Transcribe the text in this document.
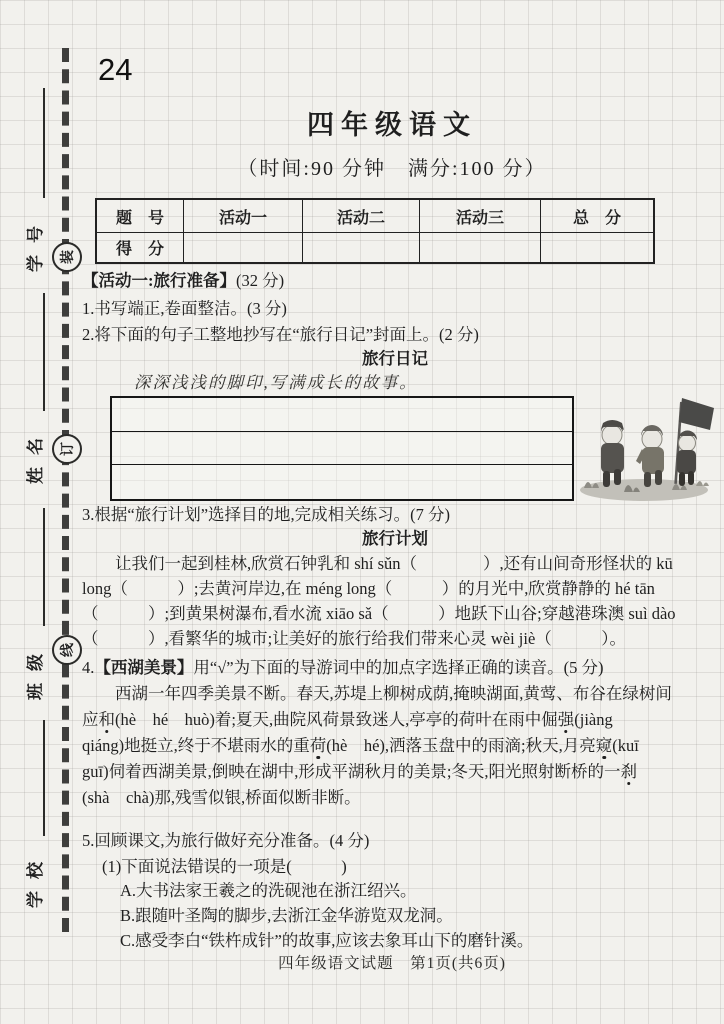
学号
姓名
班级
学校
装
订
线
24
四年级语文
（时间:90 分钟　满分:100 分）
题　号	活动一	活动二	活动三	总　分
得　分				
【活动一:旅行准备】(32 分)
1.书写端正,卷面整洁。(3 分)
2.将下面的句子工整地抄写在“旅行日记”封面上。(2 分)
旅行日记
深深浅浅的脚印,写满成长的故事。
3.根据“旅行计划”选择目的地,完成相关练习。(7 分)
旅行计划
　　让我们一起到桂林,欣赏石钟乳和 shí sǔn（　　　　）,还有山间奇形怪状的 kū
long（　　　）;去黄河岸边,在 méng long（　　　）的月光中,欣赏静静的 hé tān
（　　　）;到黄果树瀑布,看水流 xiāo sǎ（　　　）地跃下山谷;穿越港珠澳 suì dào
（　　　）,看繁华的城市;让美好的旅行给我们带来心灵 wèi jiè（　　　）。
4.【西湖美景】用“√”为下面的导游词中的加点字选择正确的读音。(5 分)
　　西湖一年四季美景不断。春天,苏堤上柳树成荫,掩映湖面,黄莺、布谷在绿树间
应和(hè　hé　huò)着;夏天,曲院风荷景致迷人,亭亭的荷叶在雨中倔强(jiàng
qiáng)地挺立,终于不堪雨水的重荷(hè　hé),洒落玉盘中的雨滴;秋天,月亮窥(kuī
guī)伺着西湖美景,倒映在湖中,形成平湖秋月的美景;冬天,阳光照射断桥的一刹
(shà　chà)那,残雪似银,桥面似断非断。
5.回顾课文,为旅行做好充分准备。(4 分)
(1)下面说法错误的一项是(　　　)
A.大书法家王羲之的洗砚池在浙江绍兴。
B.跟随叶圣陶的脚步,去浙江金华游览双龙洞。
C.感受李白“铁杵成针”的故事,应该去象耳山下的磨针溪。
四年级语文试题　第1页(共6页)
